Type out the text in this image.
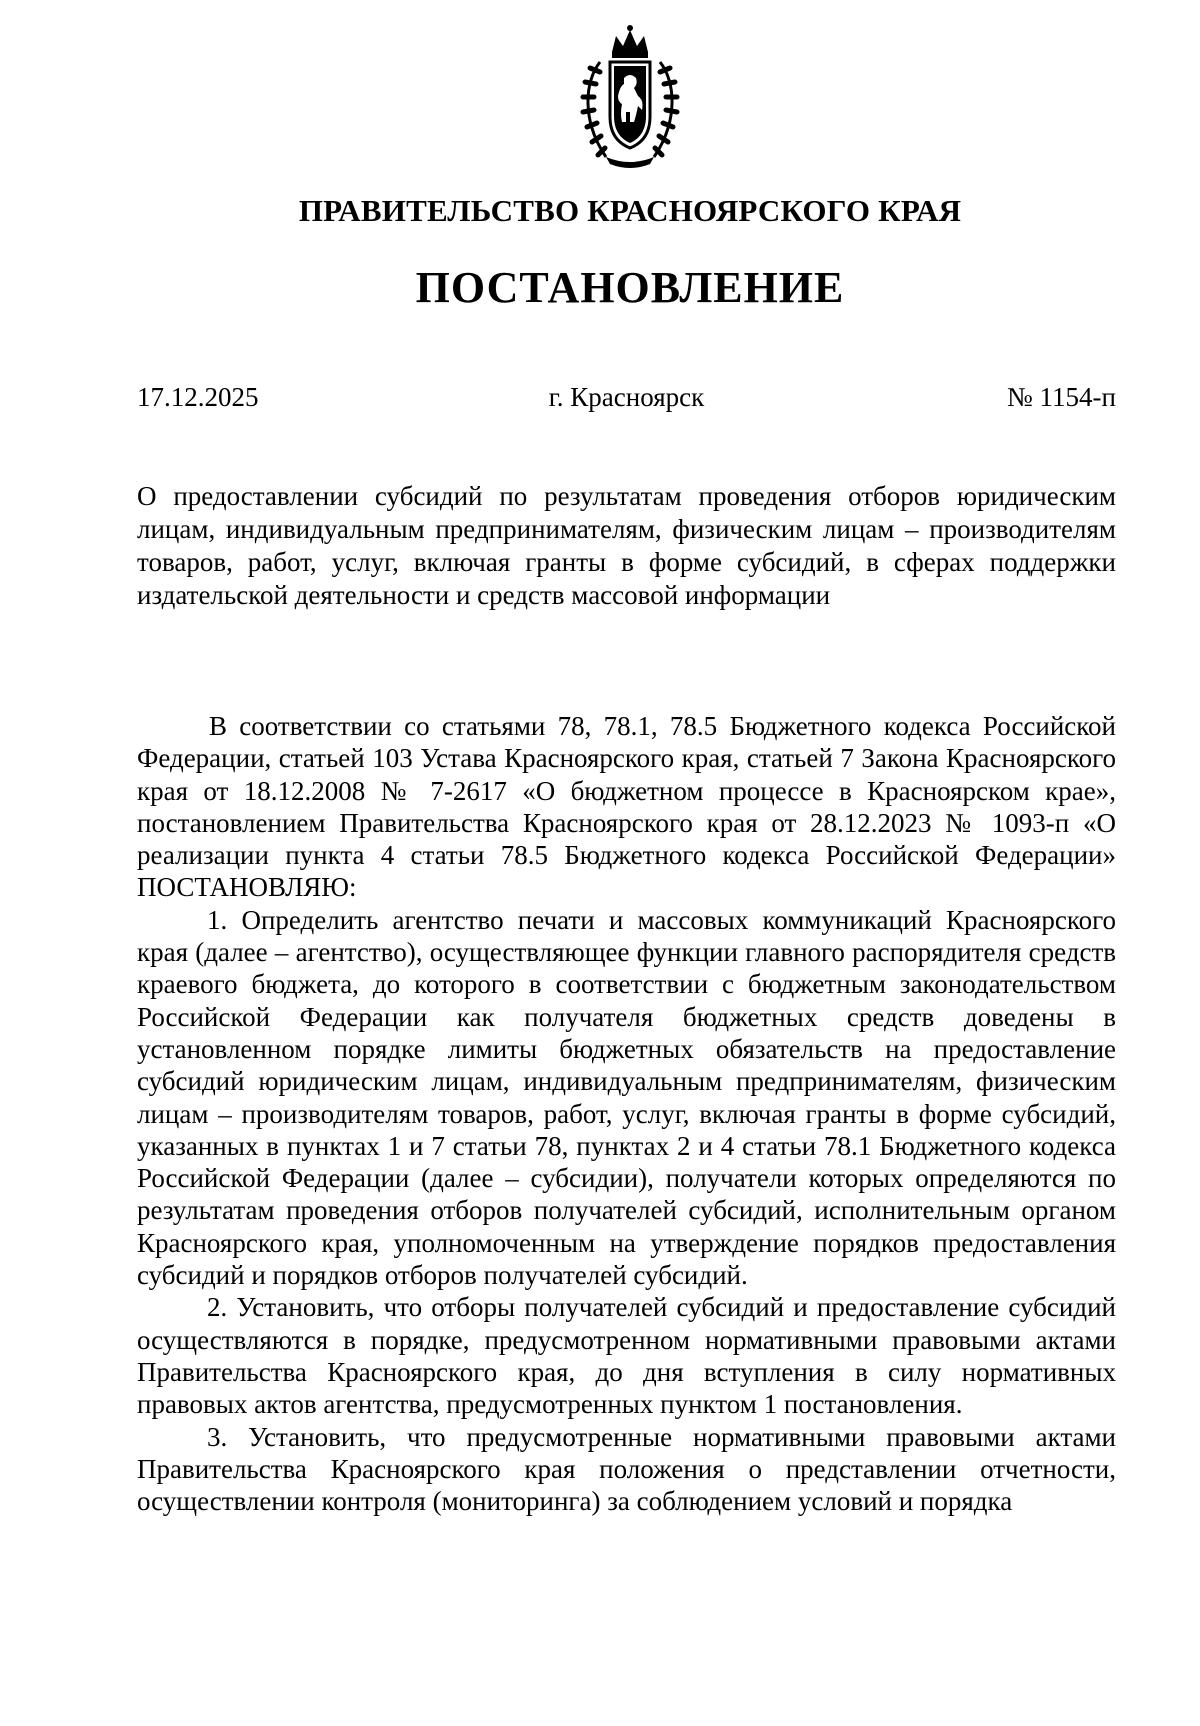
ПРАВИТЕЛЬСТВО КРАСНОЯРСКОГО КРАЯ
ПОСТАНОВЛЕНИЕ
17.12.2025	г. Красноярск	№ 1154-п
О предоставлении субсидий по результатам проведения отборов юридическим лицам, индивидуальным предпринимателям, физическим лицам – производителям товаров, работ, услуг, включая гранты в форме субсидий, в сферах поддержки издательской деятельности и средств массовой информации

В соответствии со статьями 78, 78.1, 78.5 Бюджетного кодекса Российской Федерации, статьей 103 Устава Красноярского края, статьей 7 Закона Красноярского края от 18.12.2008 № 7-2617 «О бюджетном процессе в Красноярском крае», постановлением Правительства Красноярского края от 28.12.2023 № 1093-п «О реализации пункта 4 статьи 78.5 Бюджетного кодекса Российской Федерации» ПОСТАНОВЛЯЮ:

1. Определить агентство печати и массовых коммуникаций Красноярского края (далее – агентство), осуществляющее функции главного распорядителя средств краевого бюджета, до которого в соответствии с бюджетным законодательством Российской Федерации как получателя бюджетных средств доведены в установленном порядке лимиты бюджетных обязательств на предоставление субсидий юридическим лицам, индивидуальным предпринимателям, физическим лицам – производителям товаров, работ, услуг, включая гранты в форме субсидий, указанных в пунктах 1 и 7 статьи 78, пунктах 2 и 4 статьи 78.1 Бюджетного кодекса Российской Федерации (далее – субсидии), получатели которых определяются по результатам проведения отборов получателей субсидий, исполнительным органом Красноярского края, уполномоченным на утверждение порядков предоставления субсидий и порядков отборов получателей субсидий.

2. Установить, что отборы получателей субсидий и предоставление субсидий осуществляются в порядке, предусмотренном нормативными правовыми актами Правительства Красноярского края, до дня вступления в силу нормативных правовых актов агентства, предусмотренных пунктом 1 постановления.

3. Установить, что предусмотренные нормативными правовыми актами Правительства Красноярского края положения о представлении отчетности, осуществлении контроля (мониторинга) за соблюдением условий и порядка
